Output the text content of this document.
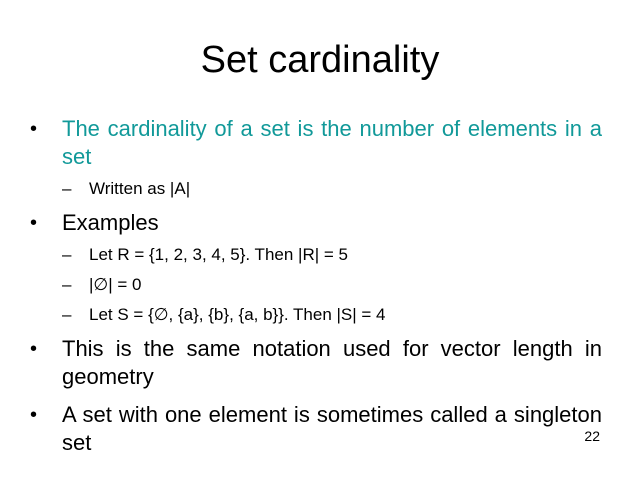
Set cardinality
•	The cardinality of a set is the number of elements in a set
– Written as |A|
•	Examples
– Let R = {1, 2, 3, 4, 5}. Then |R| = 5
– |∅| = 0
– Let S = {∅, {a}, {b}, {a, b}}. Then |S| = 4
•	This is the same notation used for vector length in geometry
•	A set with one element is sometimes called a singleton set	22
